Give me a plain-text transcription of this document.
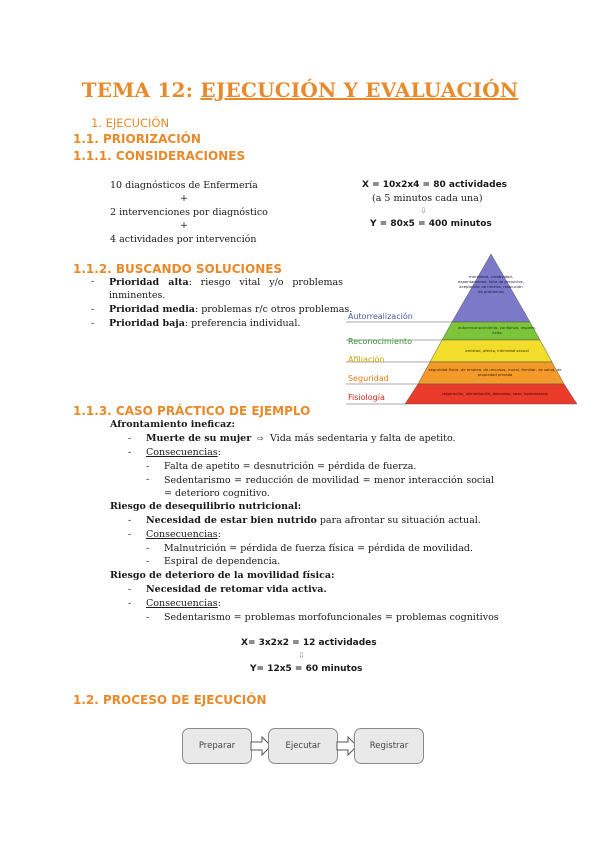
TEMA 12: EJECUCIÓN Y EVALUACIÓN
1. EJECUCIÓN
1.1. PRIORIZACIÓN
1.1.1. CONSIDERACIONES
10 diagnósticos de Enfermería
+
2 intervenciones por diagnóstico
+
4 actividades por intervención
X = 10x2x4 = 80 actividades
(a 5 minutos cada una)
⇩
Y = 80x5 = 400 minutos
1.1.2. BUSCANDO SOLUCIONES
- Prioridad alta: riesgo vital y/o problemas inminentes.
- Prioridad media: problemas r/c otros problemas.
- Prioridad baja: preferencia individual.
moralidad, creatividad, espontaneidad, falta de prejuicios, aceptación de hechos, resolución de problemas
autorreconocimiento, confianza, respeto, éxito
amistad, afecto, intimidad sexual
seguridad física, de empleo, de recursos, moral, familiar, de salud, de propiedad privada
respiración, alimentación, descanso, sexo, homeostasis
Autorrealización
Reconocimiento
Afiliación
Seguridad
Fisiología
1.1.3. CASO PRÁCTICO DE EJEMPLO
Afrontamiento ineficaz:
- Muerte de su mujer ⇨ Vida más sedentaria y falta de apetito.
- Consecuencias:
- Falta de apetito = desnutrición = pérdida de fuerza.
- Sedentarismo = reducción de movilidad = menor interacción social = deterioro cognitivo.
Riesgo de desequilibrio nutricional:
- Necesidad de estar bien nutrido para afrontar su situación actual.
- Consecuencias:
- Malnutrición = pérdida de fuerza física = pérdida de movilidad.
- Espiral de dependencia.
Riesgo de deterioro de la movilidad física:
- Necesidad de retomar vida activa.
- Consecuencias:
- Sedentarismo = problemas morfofuncionales = problemas cognitivos
X= 3x2x2 = 12 actividades
⇩
Y= 12x5 = 60 minutos
1.2. PROCESO DE EJECUCIÓN
Preparar	Ejecutar	Registrar
